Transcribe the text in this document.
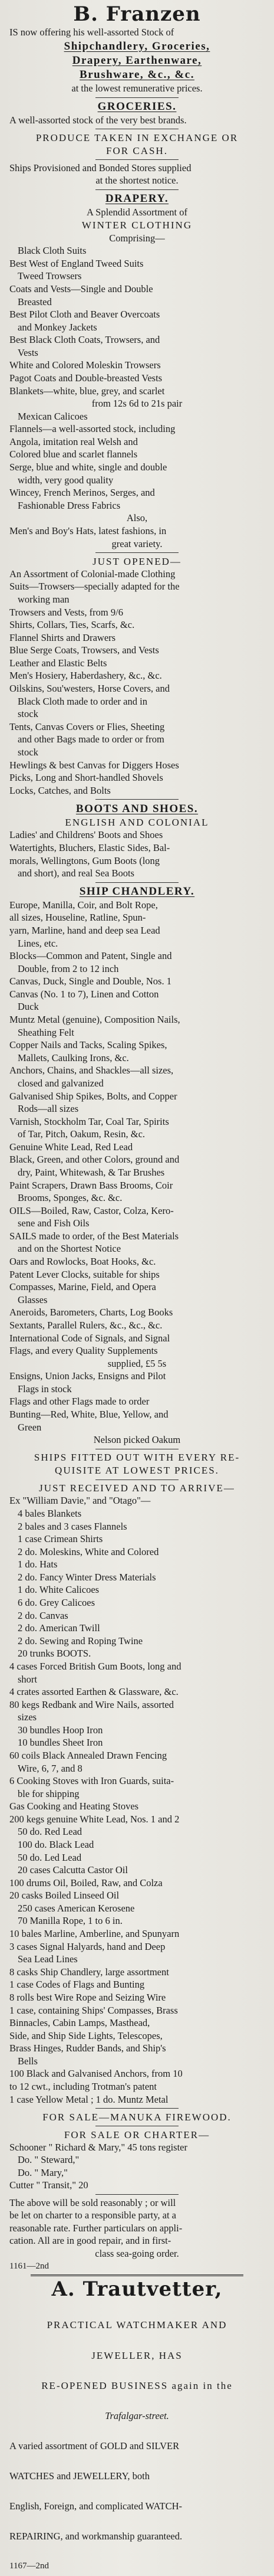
B. Franzen
IS now offering his well-assorted Stock of
Shipchandlery, Groceries,
Drapery, Earthenware,
Brushware, &c., &c.
at the lowest remunerative prices.
GROCERIES.
A well-assorted stock of the very best brands.
PRODUCE TAKEN IN EXCHANGE OR
FOR CASH.
Ships Provisioned and Bonded Stores supplied
at the shortest notice.
DRAPERY.
A Splendid Assortment of
WINTER CLOTHING
Comprising—
Black Cloth Suits
Best West of England Tweed Suits
Tweed Trowsers
Coats and Vests—Single and Double
Breasted
Best Pilot Cloth and Beaver Overcoats
and Monkey Jackets
Best Black Cloth Coats, Trowsers, and
Vests
White and Colored Moleskin Trowsers
Pagot Coats and Double-breasted Vests
Blankets—white, blue, grey, and scarlet
from 12s 6d to 21s pair
Mexican Calicoes
Flannels—a well-assorted stock, including
Angola, imitation real Welsh and
Colored blue and scarlet flannels
Serge, blue and white, single and double
width, very good quality
Wincey, French Merinos, Serges, and
Fashionable Dress Fabrics
Also,
Men's and Boy's Hats, latest fashions, in
great variety.
JUST OPENED—
An Assortment of Colonial-made Clothing
Suits—Trowsers—specially adapted for the
working man
Trowsers and Vests, from 9/6
Shirts, Collars, Ties, Scarfs, &c.
Flannel Shirts and Drawers
Blue Serge Coats, Trowsers, and Vests
Leather and Elastic Belts
Men's Hosiery, Haberdashery, &c., &c.
Oilskins, Sou'westers, Horse Covers, and
Black Cloth made to order and in
stock
Tents, Canvas Covers or Flies, Sheeting
and other Bags made to order or from
stock
Hewlings & best Canvas for Diggers Hoses
Picks, Long and Short-handled Shovels
Locks, Catches, and Bolts
BOOTS AND SHOES.
ENGLISH AND COLONIAL
Ladies' and Childrens' Boots and Shoes
Watertights, Bluchers, Elastic Sides, Bal-
morals, Wellingtons, Gum Boots (long
and short), and real Sea Boots
SHIP CHANDLERY.
Europe, Manilla, Coir, and Bolt Rope,
all sizes, Houseline, Ratline, Spun-
yarn, Marline, hand and deep sea Lead
Lines, etc.
Blocks—Common and Patent, Single and
Double, from 2 to 12 inch
Canvas, Duck, Single and Double, Nos. 1
Canvas (No. 1 to 7), Linen and Cotton
Duck
Muntz Metal (genuine), Composition Nails,
Sheathing Felt
Copper Nails and Tacks, Scaling Spikes,
Mallets, Caulking Irons, &c.
Anchors, Chains, and Shackles—all sizes,
closed and galvanized
Galvanised Ship Spikes, Bolts, and Copper
Rods—all sizes
Varnish, Stockholm Tar, Coal Tar, Spirits
of Tar, Pitch, Oakum, Resin, &c.
Genuine White Lead, Red Lead
Black, Green, and other Colors, ground and
dry, Paint, Whitewash, & Tar Brushes
Paint Scrapers, Drawn Bass Brooms, Coir
Brooms, Sponges, &c. &c.
OILS—Boiled, Raw, Castor, Colza, Kero-
sene and Fish Oils
SAILS made to order, of the Best Materials
and on the Shortest Notice
Oars and Rowlocks, Boat Hooks, &c.
Patent Lever Clocks, suitable for ships
Compasses, Marine, Field, and Opera
Glasses
Aneroids, Barometers, Charts, Log Books
Sextants, Parallel Rulers, &c., &c., &c.
International Code of Signals, and Signal
Flags, and every Quality Supplements
supplied, £5 5s
Ensigns, Union Jacks, Ensigns and Pilot
Flags in stock
Flags and other Flags made to order
Bunting—Red, White, Blue, Yellow, and
Green
Nelson picked Oakum
SHIPS FITTED OUT WITH EVERY RE-
QUISITE AT LOWEST PRICES.
JUST RECEIVED AND TO ARRIVE—
Ex "William Davie," and "Otago"—
4 bales Blankets
2 bales and 3 cases Flannels
1 case Crimean Shirts
2 do. Moleskins, White and Colored
1 do. Hats
2 do. Fancy Winter Dress Materials
1 do. White Calicoes
6 do. Grey Calicoes
2 do. Canvas
2 do. American Twill
2 do. Sewing and Roping Twine
20 trunks BOOTS.
4 cases Forced British Gum Boots, long and
short
4 crates assorted Earthen & Glassware, &c.
80 kegs Redbank and Wire Nails, assorted
sizes
30 bundles Hoop Iron
10 bundles Sheet Iron
60 coils Black Annealed Drawn Fencing
Wire, 6, 7, and 8
6 Cooking Stoves with Iron Guards, suita-
ble for shipping
Gas Cooking and Heating Stoves
200 kegs genuine White Lead, Nos. 1 and 2
50 do. Red Lead
100 do. Black Lead
50 do. Led Lead
20 cases Calcutta Castor Oil
100 drums Oil, Boiled, Raw, and Colza
20 casks Boiled Linseed Oil
250 cases American Kerosene
70 Manilla Rope, 1 to 6 in.
10 bales Marline, Amberline, and Spunyarn
3 cases Signal Halyards, hand and Deep
Sea Lead Lines
8 casks Ship Chandlery, large assortment
1 case Codes of Flags and Bunting
8 rolls best Wire Rope and Seizing Wire
1 case, containing Ships' Compasses, Brass
Binnacles, Cabin Lamps, Masthead,
Side, and Ship Side Lights, Telescopes,
Brass Hinges, Rudder Bands, and Ship's
Bells
100 Black and Galvanised Anchors, from 10
to 12 cwt., including Trotman's patent
1 case Yellow Metal ; 1 do. Muntz Metal
FOR SALE—MANUKA FIREWOOD.
FOR SALE OR CHARTER—
Schooner " Richard & Mary," 45 tons register
Do. " Steward,"
Do. " Mary,"
Cutter " Transit," 20
The above will be sold reasonably ; or will
be let on charter to a responsible party, at a
reasonable rate. Further particulars on appli-
cation. All are in good repair, and in first-
class sea-going order.
1161—2nd
A. Trautvetter,
PRACTICAL WATCHMAKER AND
JEWELLER, HAS
RE-OPENED BUSINESS again in the
Trafalgar-street.
A varied assortment of GOLD and SILVER
WATCHES and JEWELLERY, both
English, Foreign, and complicated WATCH-
REPAIRING, and workmanship guaranteed.
1167—2nd
